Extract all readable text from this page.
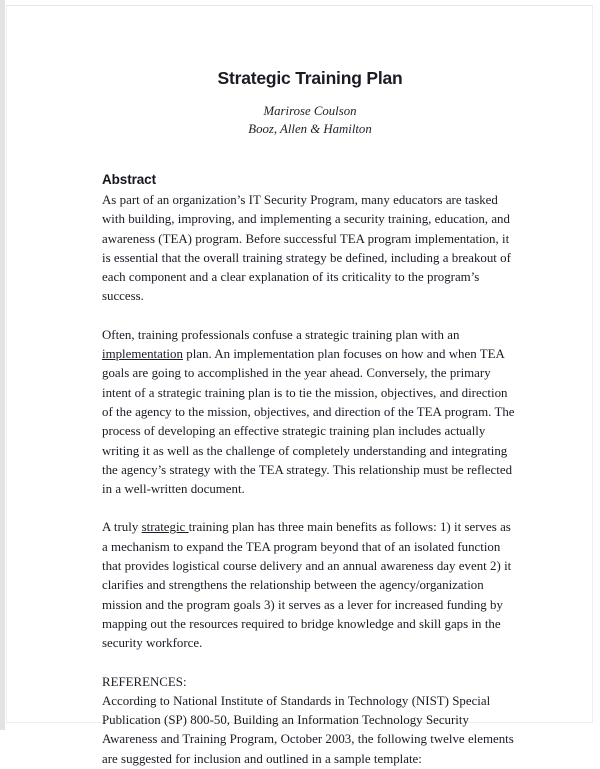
Strategic Training Plan
Marirose Coulson
Booz, Allen & Hamilton
Abstract

As part of an organization’s IT Security Program, many educators are tasked with building, improving, and implementing a security training, education, and awareness (TEA) program. Before successful TEA program implementation, it is essential that the overall training strategy be defined, including a breakout of each component and a clear explanation of its criticality to the program’s success.

Often, training professionals confuse a strategic training plan with an implementation plan. An implementation plan focuses on how and when TEA goals are going to accomplished in the year ahead. Conversely, the primary intent of a strategic training plan is to tie the mission, objectives, and direction of the agency to the mission, objectives, and direction of the TEA program. The process of developing an effective strategic training plan includes actually writing it as well as the challenge of completely understanding and integrating the agency’s strategy with the TEA strategy. This relationship must be reflected in a well-written document.

A truly strategic training plan has three main benefits as follows: 1) it serves as a mechanism to expand the TEA program beyond that of an isolated function that provides logistical course delivery and an annual awareness day event 2) it clarifies and strengthens the relationship between the agency/organization mission and the program goals 3) it serves as a lever for increased funding by mapping out the resources required to bridge knowledge and skill gaps in the security workforce.

REFERENCES:

According to National Institute of Standards in Technology (NIST) Special Publication (SP) 800-50, Building an Information Technology Security Awareness and Training Program, October 2003, the following twelve elements are suggested for inclusion and outlined in a sample template:
